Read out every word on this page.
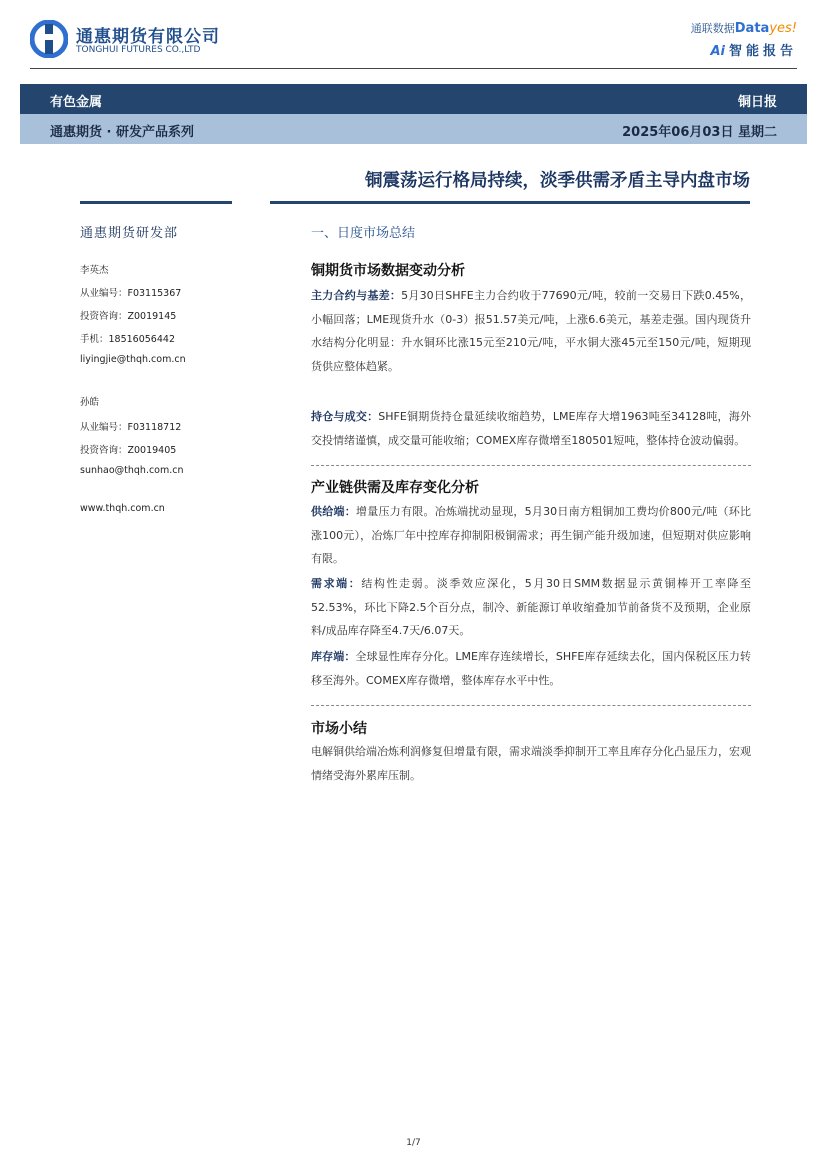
通惠期货有限公司
TONGHUI FUTURES CO.,LTD
通联数据Datayes!
Ai 智能报告
有色金属	铜日报
通惠期货 · 研发产品系列	2025年06月03日 星期二
铜震荡运行格局持续，淡季供需矛盾主导内盘市场
通惠期货研发部
李英杰
从业编号：F03115367
投资咨询：Z0019145
手机：18516056442
liyingjie@thqh.com.cn
孙皓
从业编号：F03118712
投资咨询：Z0019405
sunhao@thqh.com.cn
www.thqh.com.cn
一、日度市场总结
铜期货市场数据变动分析
主力合约与基差：5月30日SHFE主力合约收于77690元/吨，较前一交易日下跌0.45%，小幅回落；LME现货升水（0-3）报51.57美元/吨，上涨6.6美元，基差走强。国内现货升水结构分化明显：升水铜环比涨15元至210元/吨，平水铜大涨45元至150元/吨，短期现货供应整体趋紧。
持仓与成交：SHFE铜期货持仓量延续收缩趋势，LME库存大增1963吨至34128吨，海外交投情绪谨慎，成交量可能收缩；COMEX库存微增至180501短吨，整体持仓波动偏弱。
产业链供需及库存变化分析
供给端：增量压力有限。冶炼端扰动显现，5月30日南方粗铜加工费均价800元/吨（环比涨100元），冶炼厂年中控库存抑制阳极铜需求；再生铜产能升级加速，但短期对供应影响有限。
需求端：结构性走弱。淡季效应深化，5月30日SMM数据显示黄铜棒开工率降至52.53%，环比下降2.5个百分点，制冷、新能源订单收缩叠加节前备货不及预期，企业原料/成品库存降至4.7天/6.07天。
库存端：全球显性库存分化。LME库存连续增长，SHFE库存延续去化，国内保税区压力转移至海外。COMEX库存微增，整体库存水平中性。
市场小结
电解铜供给端冶炼利润修复但增量有限，需求端淡季抑制开工率且库存分化凸显压力，宏观情绪受海外累库压制。
1/7
